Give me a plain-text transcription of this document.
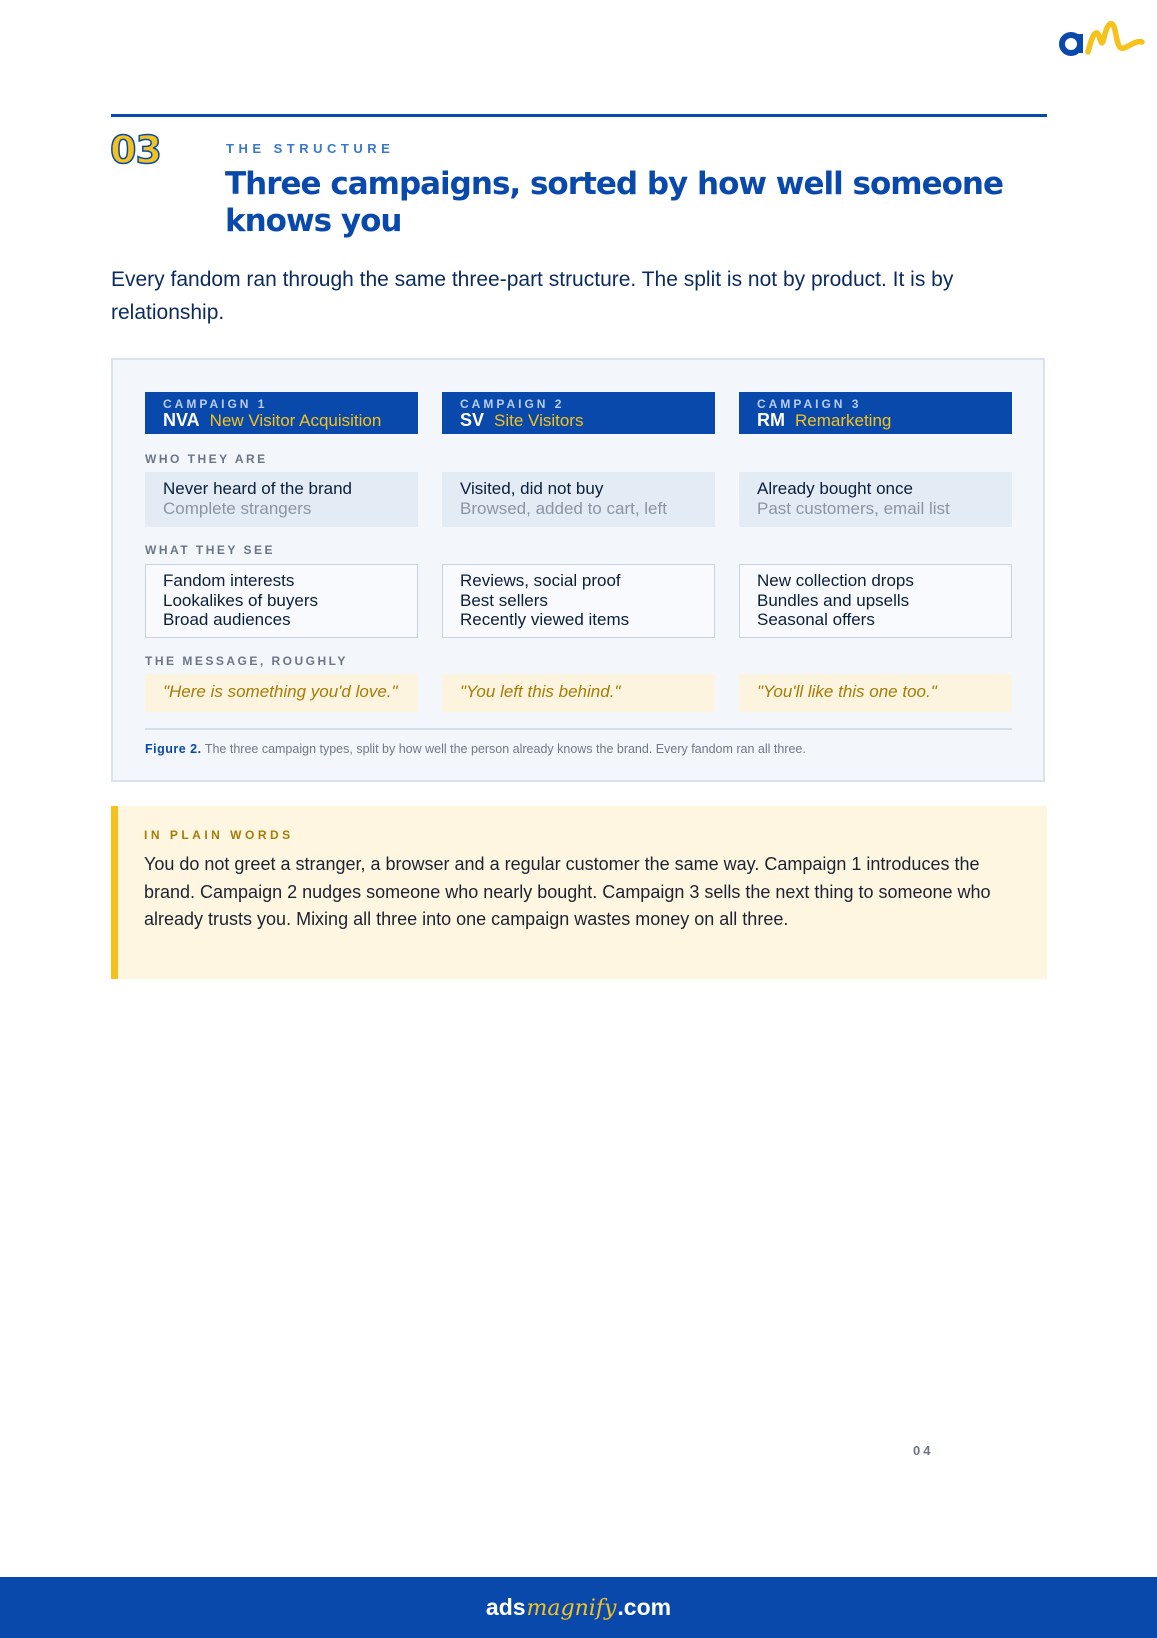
03	THE STRUCTURE
Three campaigns, sorted by how well someone knows you

Every fandom ran through the same three-part structure. The split is not by product. It is by relationship.

WHO THEY ARE
WHAT THEY SEE
THE MESSAGE, ROUGHLY
CAMPAIGN 1
NVA New Visitor Acquisition
Never heard of the brand
Complete strangers
Fandom interests
Lookalikes of buyers
Broad audiences
"Here is something you'd love."
CAMPAIGN 2
SV Site Visitors
Visited, did not buy
Browsed, added to cart, left
Reviews, social proof
Best sellers
Recently viewed items
"You left this behind."
CAMPAIGN 3
RM Remarketing
Already bought once
Past customers, email list
New collection drops
Bundles and upsells
Seasonal offers
"You'll like this one too."
Figure 2. The three campaign types, split by how well the person already knows the brand. Every fandom ran all three.
IN PLAIN WORDS

You do not greet a stranger, a browser and a regular customer the same way. Campaign 1 introduces the brand. Campaign 2 nudges someone who nearly bought. Campaign 3 sells the next thing to someone who already trusts you. Mixing all three into one campaign wastes money on all three.

04
adsmagnify.com
